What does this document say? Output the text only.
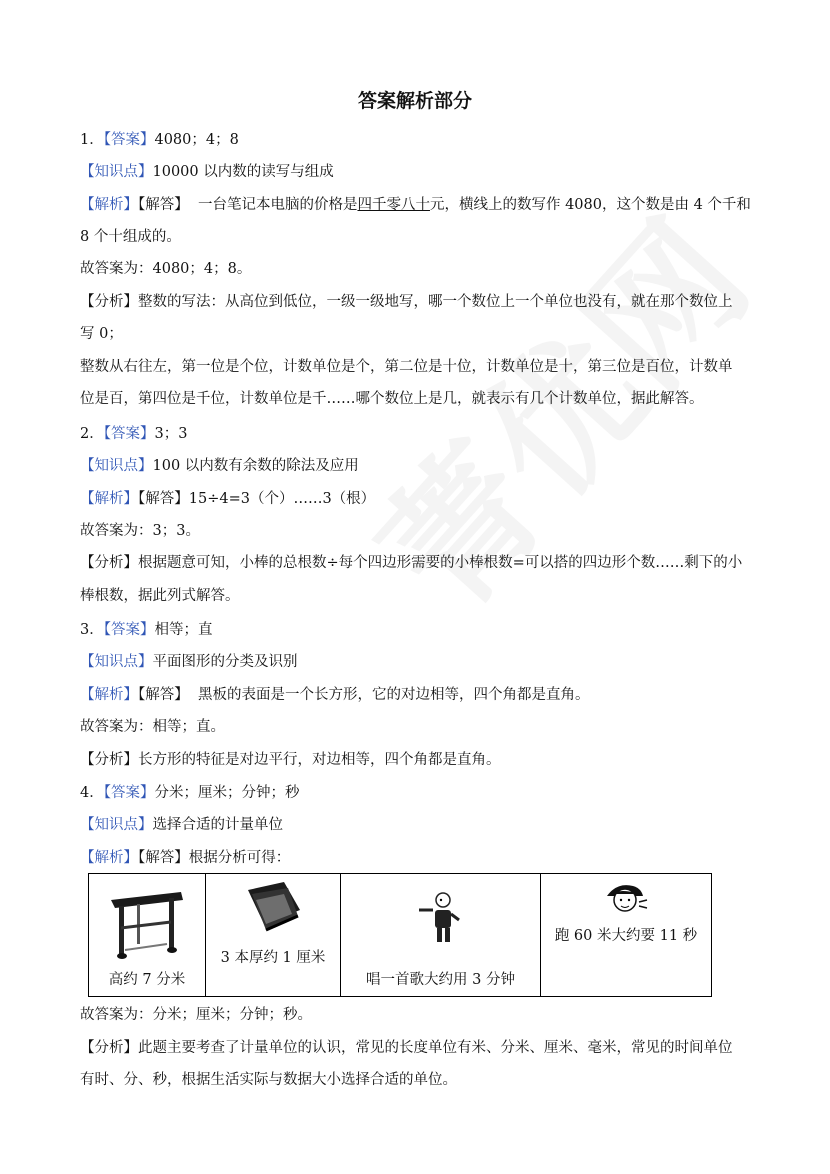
答案解析部分
1．【答案】4080；4；8
【知识点】10000 以内数的读写与组成
【解析】【解答】 一台笔记本电脑的价格是四千零八十元，横线上的数写作 4080，这个数是由 4 个千和
8 个十组成的。
故答案为：4080；4；8。
【分析】整数的写法：从高位到低位，一级一级地写，哪一个数位上一个单位也没有，就在那个数位上
写 0；
整数从右往左，第一位是个位，计数单位是个，第二位是十位，计数单位是十，第三位是百位，计数单
位是百，第四位是千位，计数单位是千……哪个数位上是几，就表示有几个计数单位，据此解答。
2．【答案】3；3
【知识点】100 以内数有余数的除法及应用
【解析】【解答】15÷4=3（个）……3（根）
故答案为：3；3。
【分析】根据题意可知，小棒的总根数÷每个四边形需要的小棒根数=可以搭的四边形个数……剩下的小
棒根数，据此列式解答。
3．【答案】相等；直
【知识点】平面图形的分类及识别
【解析】【解答】 黑板的表面是一个长方形，它的对边相等，四个角都是直角。
故答案为：相等；直。
【分析】长方形的特征是对边平行，对边相等，四个角都是直角。
4．【答案】分米；厘米；分钟；秒
【知识点】选择合适的计量单位
【解析】【解答】根据分析可得：
高约 7 分米

3 本厚约 1 厘米

唱一首歌大约用 3 分钟

跑 60 米大约要 11 秒
故答案为：分米；厘米；分钟；秒。
【分析】此题主要考查了计量单位的认识，常见的长度单位有米、分米、厘米、毫米，常见的时间单位
有时、分、秒，根据生活实际与数据大小选择合适的单位。
